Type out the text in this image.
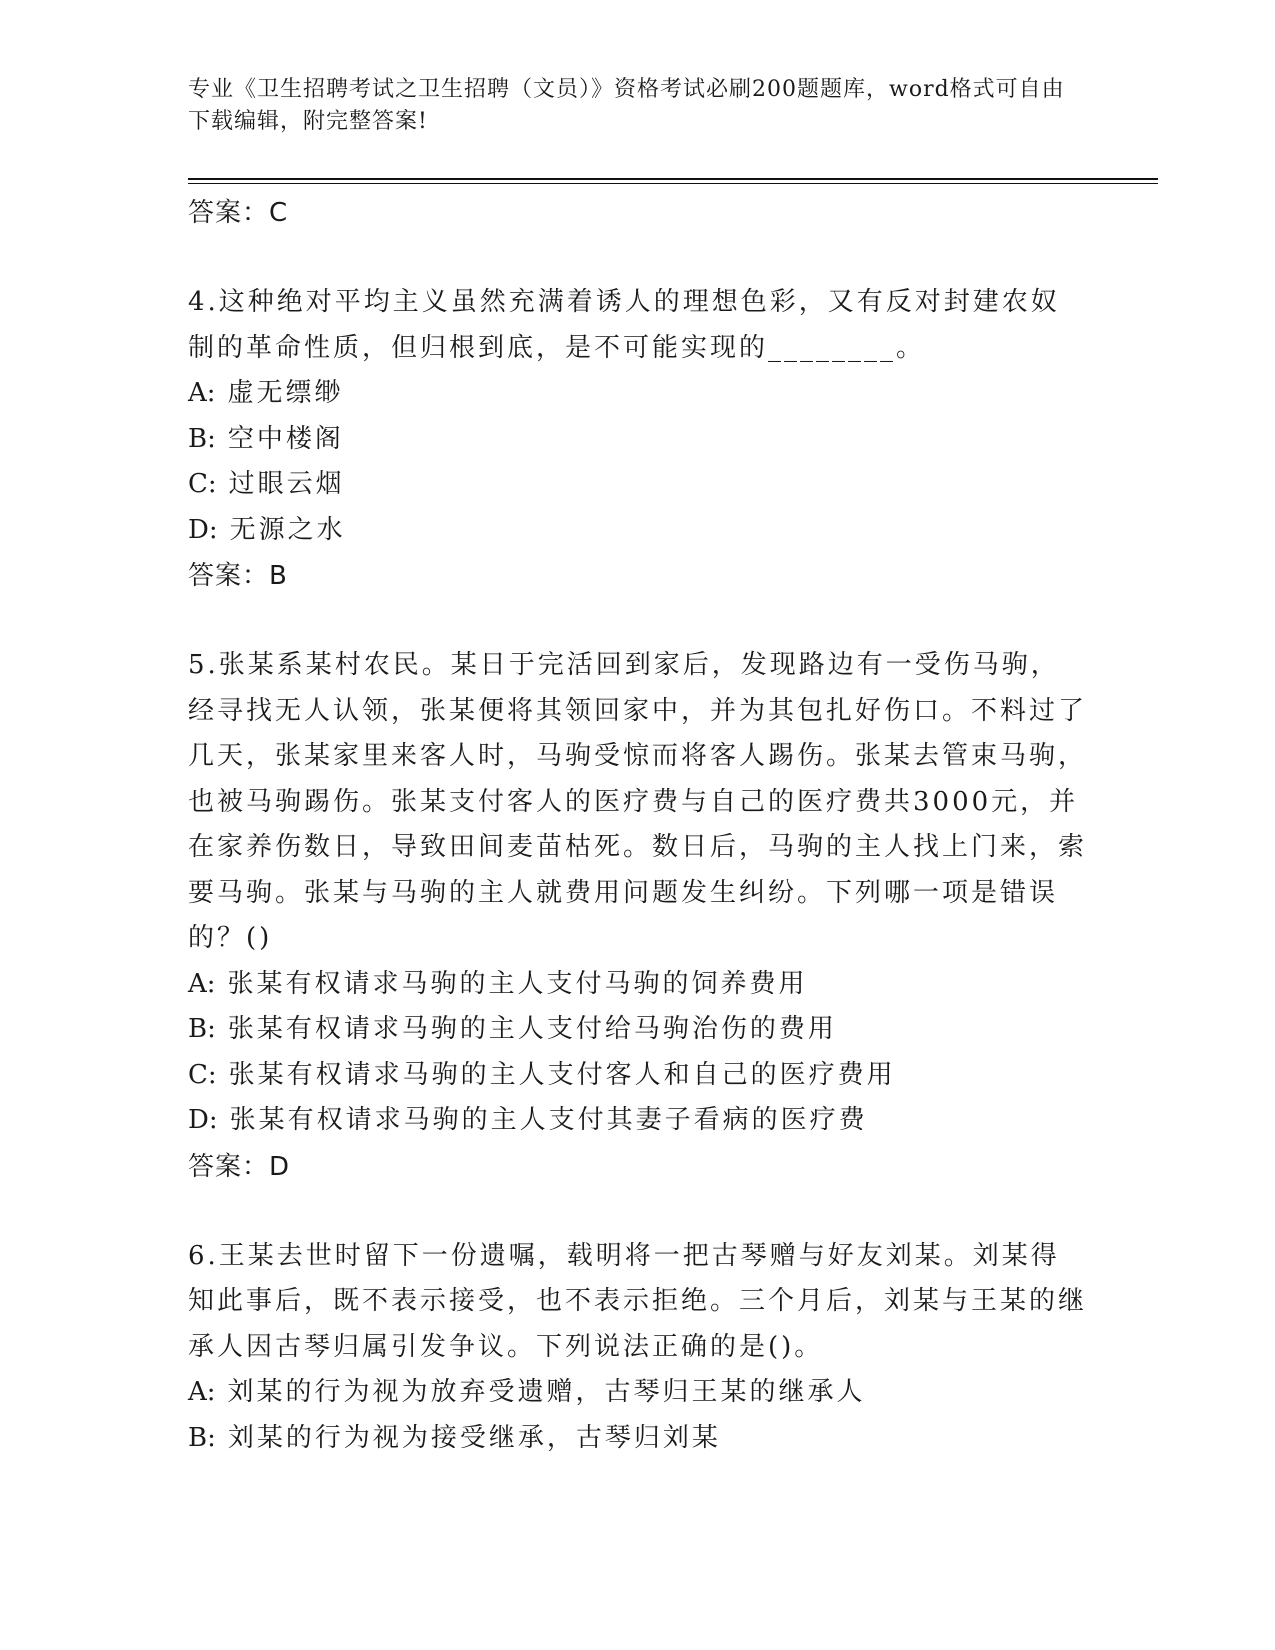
专业《卫生招聘考试之卫生招聘（文员）》资格考试必刷200题题库，word格式可自由下载编辑，附完整答案!
答案：C

4.这种绝对平均主义虽然充满着诱人的理想色彩，又有反对封建农奴制的革命性质，但归根到底，是不可能实现的________。

A: 虚无缥缈
B: 空中楼阁
C: 过眼云烟
D: 无源之水
答案：B

5.张某系某村农民。某日于完活回到家后，发现路边有一受伤马驹，经寻找无人认领，张某便将其领回家中，并为其包扎好伤口。不料过了几天，张某家里来客人时，马驹受惊而将客人踢伤。张某去管束马驹，也被马驹踢伤。张某支付客人的医疗费与自己的医疗费共3000元，并在家养伤数日，导致田间麦苗枯死。数日后，马驹的主人找上门来，索要马驹。张某与马驹的主人就费用问题发生纠纷。下列哪一项是错误的？()

A: 张某有权请求马驹的主人支付马驹的饲养费用
B: 张某有权请求马驹的主人支付给马驹治伤的费用
C: 张某有权请求马驹的主人支付客人和自己的医疗费用
D: 张某有权请求马驹的主人支付其妻子看病的医疗费
答案：D

6.王某去世时留下一份遗嘱，载明将一把古琴赠与好友刘某。刘某得知此事后，既不表示接受，也不表示拒绝。三个月后，刘某与王某的继承人因古琴归属引发争议。下列说法正确的是()。

A: 刘某的行为视为放弃受遗赠，古琴归王某的继承人
B: 刘某的行为视为接受继承，古琴归刘某
